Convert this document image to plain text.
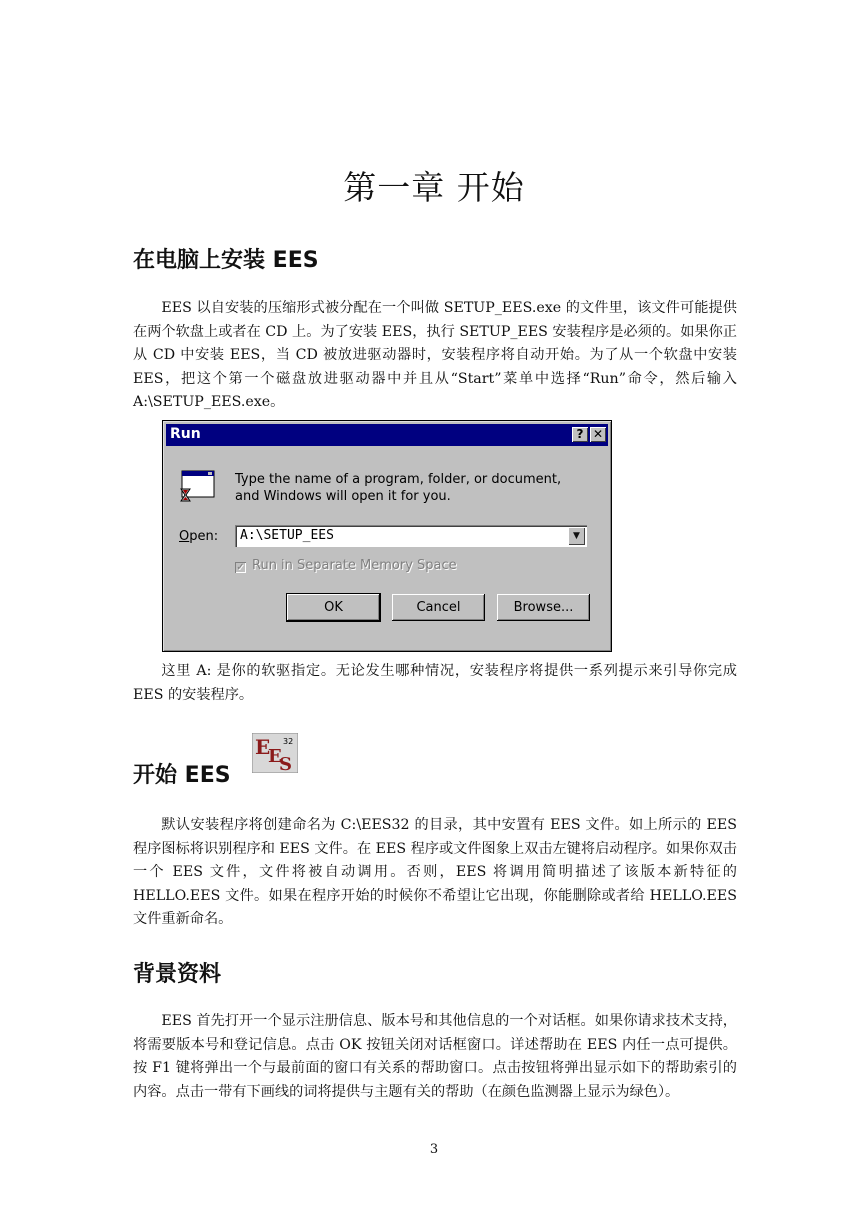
第一章 开始
在电脑上安装 EES

EES 以自安装的压缩形式被分配在一个叫做 SETUP_EES.exe 的文件里，该文件可能提供在两个软盘上或者在 CD 上。为了安装 EES，执行 SETUP_EES 安装程序是必须的。如果你正从 CD 中安装 EES，当 CD 被放进驱动器时，安装程序将自动开始。为了从一个软盘中安装 EES，把这个第一个磁盘放进驱动器中并且从“Start”菜单中选择“Run”命令，然后输入 A:\SETUP_EES.exe。

Run	? ✕
Type the name of a program, folder, or document, and Windows will open it for you.
Open: A:\SETUP_EES	▼
✓ Run in Separate Memory Space
OK	Cancel	Browse...

这里 A: 是你的软驱指定。无论发生哪种情况，安装程序将提供一系列提示来引导你完成 EES 的安装程序。

开始 EES
E
E
S
32

默认安装程序将创建命名为 C:\EES32 的目录，其中安置有 EES 文件。如上所示的 EES 程序图标将识别程序和 EES 文件。在 EES 程序或文件图象上双击左键将启动程序。如果你双击一个 EES 文件，文件将被自动调用。否则，EES 将调用简明描述了该版本新特征的 HELLO.EES 文件。如果在程序开始的时候你不希望让它出现，你能删除或者给 HELLO.EES 文件重新命名。

背景资料

EES 首先打开一个显示注册信息、版本号和其他信息的一个对话框。如果你请求技术支持，将需要版本号和登记信息。点击 OK 按钮关闭对话框窗口。详述帮助在 EES 内任一点可提供。按 F1 键将弹出一个与最前面的窗口有关系的帮助窗口。点击按钮将弹出显示如下的帮助索引的内容。点击一带有下画线的词将提供与主题有关的帮助（在颜色监测器上显示为绿色）。

3
